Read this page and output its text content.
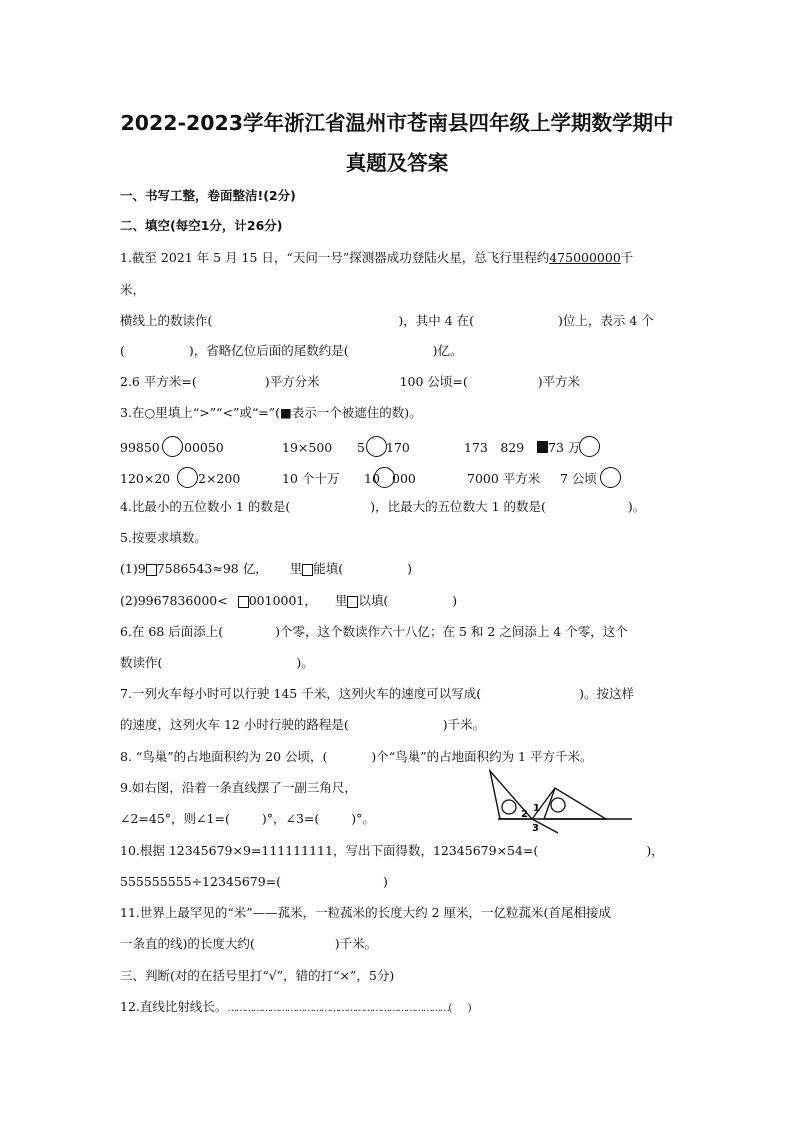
2022-2023学年浙江省温州市苍南县四年级上学期数学期中
真题及答案
一、书写工整，卷面整洁!(2分)
二、填空(每空1分，计26分)
1.截至 2021 年 5 月 15 日，“天问一号”探测器成功登陆火星，总飞行里程约475000000千
米，
横线上的数读作(	)，其中 4 在(	)位上，表示 4 个
(	)，省略亿位后面的尾数约是(	)亿。
2.6 平方米=(	)平方分米	100 公顷=(	)平方米
3.在○里填上“>”“<”或“=”(■表示一个被遮住的数)。
99850 00050	19×500 5 170	173　829 73 万
120×20 2×200	10 个十万 10 000	7000 平方米 7 公顷
4.比最小的五位数小 1 的数是(	)，比最大的五位数大 1 的数是(	)。
5.按要求填数。
(1)9 7586543≈98 亿， 里 能填(	)
(2)9967836000< 0010001， 里 以填(	)
6.在 68 后面添上(	)个零，这个数读作六十八亿；在 5 和 2 之间添上 4 个零，这个
数读作(	)。
7.一列火车每小时可以行驶 145 千米，这列火车的速度可以写成(	)。按这样
的速度，这列火车 12 小时行驶的路程是(	)千米。
8. “鸟巢”的占地面积约为 20 公顷，(	)个“鸟巢”的占地面积约为 1 平方千米。
9.如右图，沿着一条直线摆了一副三角尺，
∠2=45°，则∠1=(	)°，∠3=(	)°。
1
2
3
10.根据 12345679×9=111111111，写出下面得数，12345679×54=(	)，
555555555÷12345679=(	)
11.世界上最罕见的“米”——菰米，一粒菰米的长度大约 2 厘米，一亿粒菰米(首尾相接成
一条直的线)的长度大约(	)千米。
三、判断(对的在括号里打“√”，错的打“×”，5分)
12.直线比射线长。……………………………………………………………………(　　)
